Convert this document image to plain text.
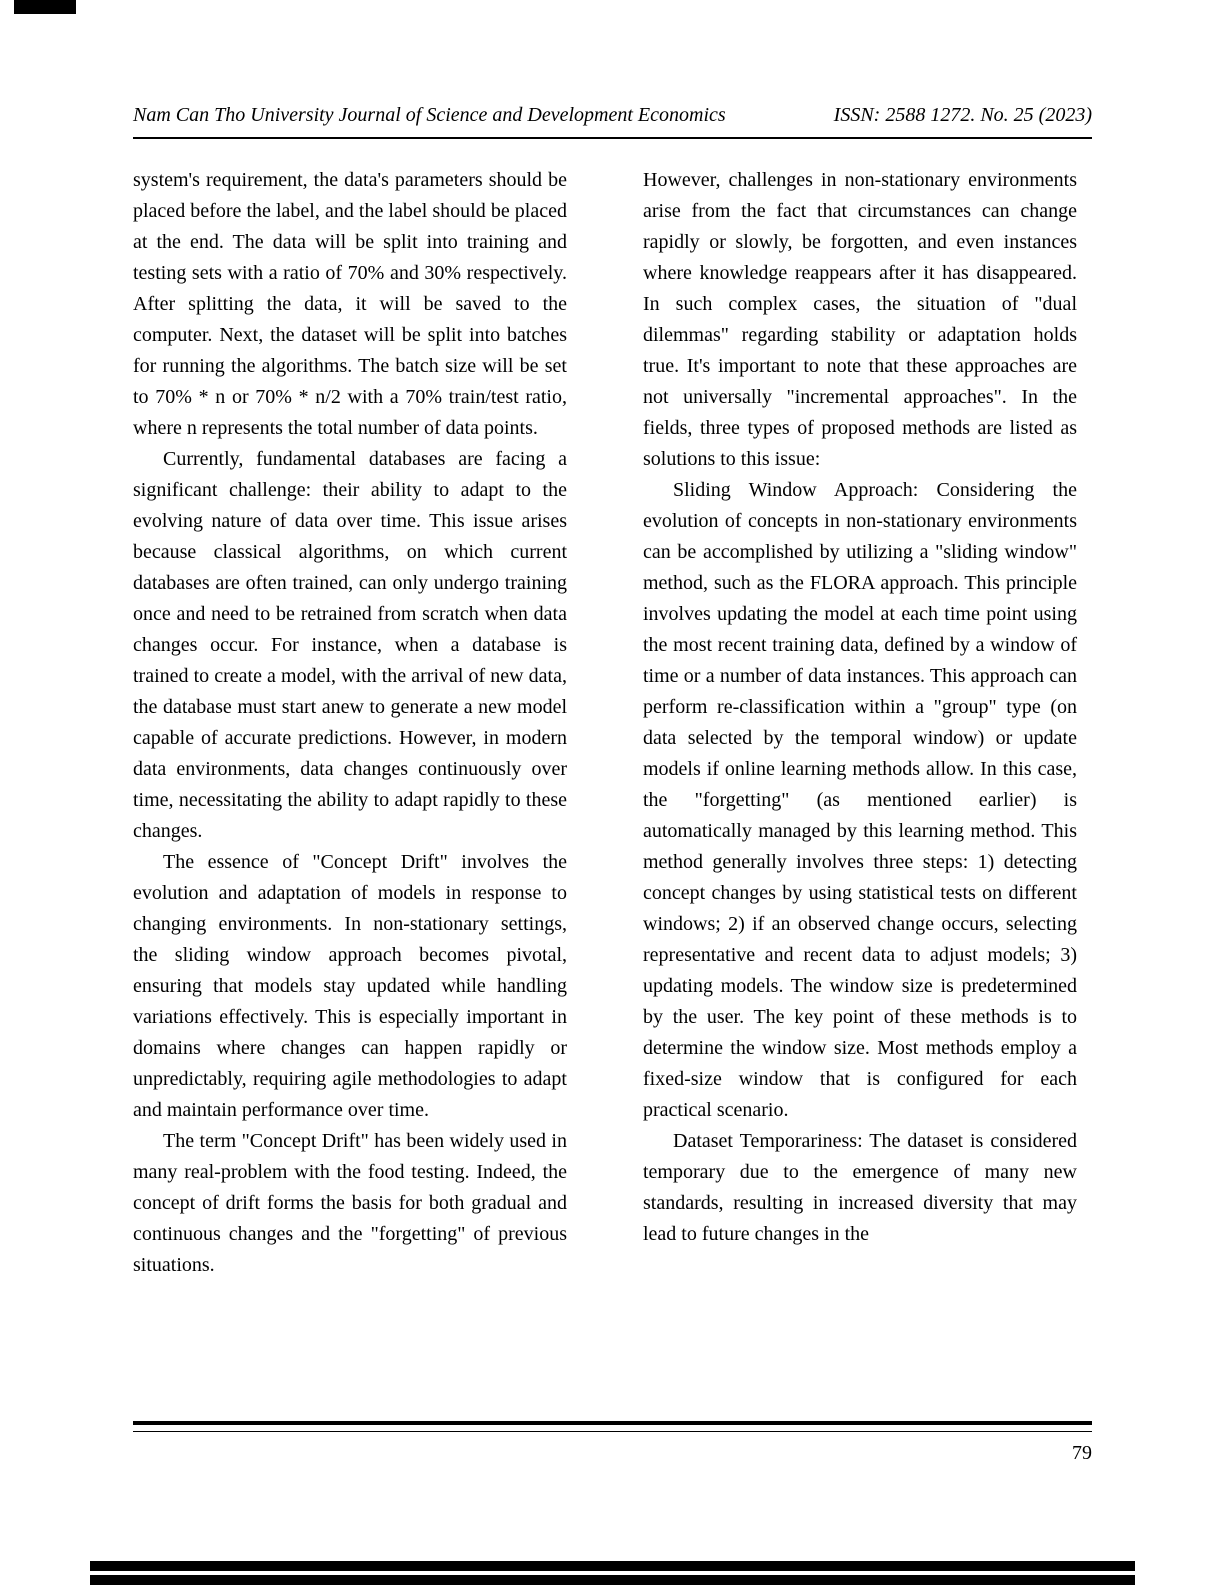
Nam Can Tho University Journal of Science and Development Economics	ISSN: 2588 1272. No. 25 (2023)

system's requirement, the data's parameters should be placed before the label, and the label should be placed at the end. The data will be split into training and testing sets with a ratio of 70% and 30% respectively. After splitting the data, it will be saved to the computer. Next, the dataset will be split into batches for running the algorithms. The batch size will be set to 70% * n or 70% * n/2 with a 70% train/test ratio, where n represents the total number of data points.

Currently, fundamental databases are facing a significant challenge: their ability to adapt to the evolving nature of data over time. This issue arises because classical algorithms, on which current databases are often trained, can only undergo training once and need to be retrained from scratch when data changes occur. For instance, when a database is trained to create a model, with the arrival of new data, the database must start anew to generate a new model capable of accurate predictions. However, in modern data environments, data changes continuously over time, necessitating the ability to adapt rapidly to these changes.

The essence of "Concept Drift" involves the evolution and adaptation of models in response to changing environments. In non-stationary settings, the sliding window approach becomes pivotal, ensuring that models stay updated while handling variations effectively. This is especially important in domains where changes can happen rapidly or unpredictably, requiring agile methodologies to adapt and maintain performance over time.

The term "Concept Drift" has been widely used in many real-problem with the food testing. Indeed, the concept of drift forms the basis for both gradual and continuous changes and the "forgetting" of previous situations.

However, challenges in non-stationary environments arise from the fact that circumstances can change rapidly or slowly, be forgotten, and even instances where knowledge reappears after it has disappeared. In such complex cases, the situation of "dual dilemmas" regarding stability or adaptation holds true. It's important to note that these approaches are not universally "incremental approaches". In the fields, three types of proposed methods are listed as solutions to this issue:

Sliding Window Approach: Considering the evolution of concepts in non-stationary environments can be accomplished by utilizing a "sliding window" method, such as the FLORA approach. This principle involves updating the model at each time point using the most recent training data, defined by a window of time or a number of data instances. This approach can perform re-classification within a "group" type (on data selected by the temporal window) or update models if online learning methods allow. In this case, the "forgetting" (as mentioned earlier) is automatically managed by this learning method. This method generally involves three steps: 1) detecting concept changes by using statistical tests on different windows; 2) if an observed change occurs, selecting representative and recent data to adjust models; 3) updating models. The window size is predetermined by the user. The key point of these methods is to determine the window size. Most methods employ a fixed-size window that is configured for each practical scenario.

Dataset Temporariness: The dataset is considered temporary due to the emergence of many new standards, resulting in increased diversity that may lead to future changes in the

79
